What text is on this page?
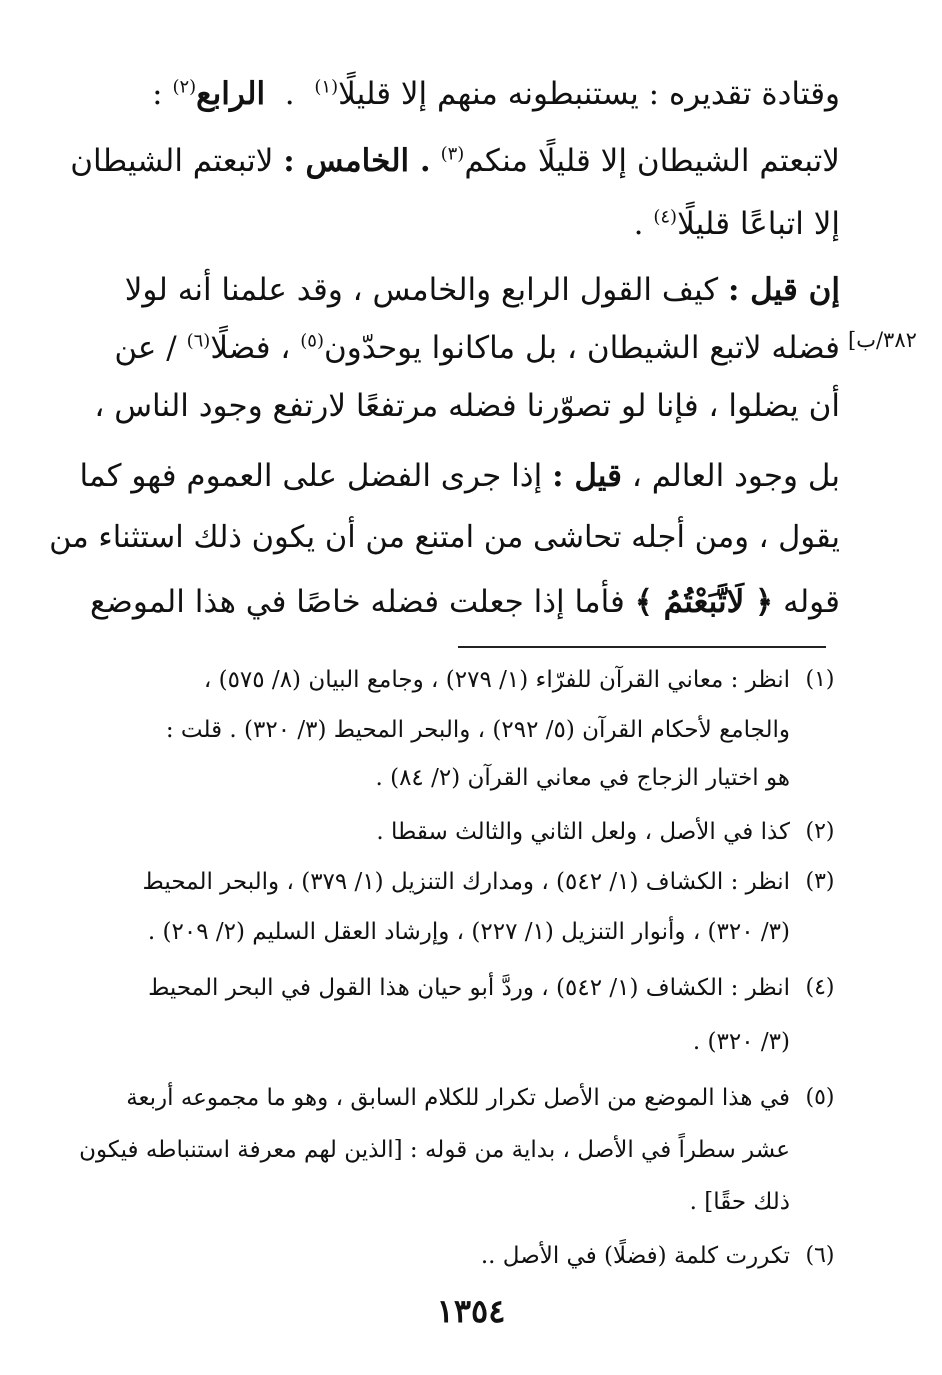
وقتادة تقديره : يستنبطونه منهم إلا قليلًا$^{(١)}$  .  الرابع$^{(٢)}$ :
لاتبعتم الشيطان إلا قليلًا منكم$^{(٣)}$ . الخامس : لاتبعتم الشيطان
إلا اتباعًا قليلًا$^{(٤)}$ .
إن قيل : كيف القول الرابع والخامس ، وقد علمنا أنه لولا
فضله لاتبع الشيطان ، بل ماكانوا يوحدّون$^{(٥)}$ ، فضلًا$^{(٦)}$ / عن	٣٨٢/ب]
أن يضلوا ، فإنا لو تصوّرنا فضله مرتفعًا لارتفع وجود الناس ،
بل وجود العالم ، قيل : إذا جرى الفضل على العموم فهو كما
يقول ، ومن أجله تحاشى من امتنع من أن يكون ذلك استثناء من
قوله ﴿ لَاتَّبَعْتُمُ ﴾ فأما إذا جعلت فضله خاصًا في هذا الموضع
(١)
انظر : معاني القرآن للفرّاء (١/ ٢٧٩) ، وجامع البيان (٨/ ٥٧٥) ،
والجامع لأحكام القرآن (٥/ ٢٩٢) ، والبحر المحيط (٣/ ٣٢٠) . قلت :
هو اختيار الزجاج في معاني القرآن (٢/ ٨٤) .
(٢)
كذا في الأصل ، ولعل الثاني والثالث سقطا .
(٣)
انظر : الكشاف (١/ ٥٤٢) ، ومدارك التنزيل (١/ ٣٧٩) ، والبحر المحيط
(٣/ ٣٢٠) ، وأنوار التنزيل (١/ ٢٢٧) ، وإرشاد العقل السليم (٢/ ٢٠٩) .
(٤)
انظر : الكشاف (١/ ٥٤٢) ، وردَّ أبو حيان هذا القول في البحر المحيط
(٣/ ٣٢٠) .
(٥)
في هذا الموضع من الأصل تكرار للكلام السابق ، وهو ما مجموعه أربعة
عشر سطراً في الأصل ، بداية من قوله : [الذين لهم معرفة استنباطه فيكون
ذلك حقًا] .
(٦)
تكررت كلمة (فضلًا) في الأصل ..
١٣٥٤
